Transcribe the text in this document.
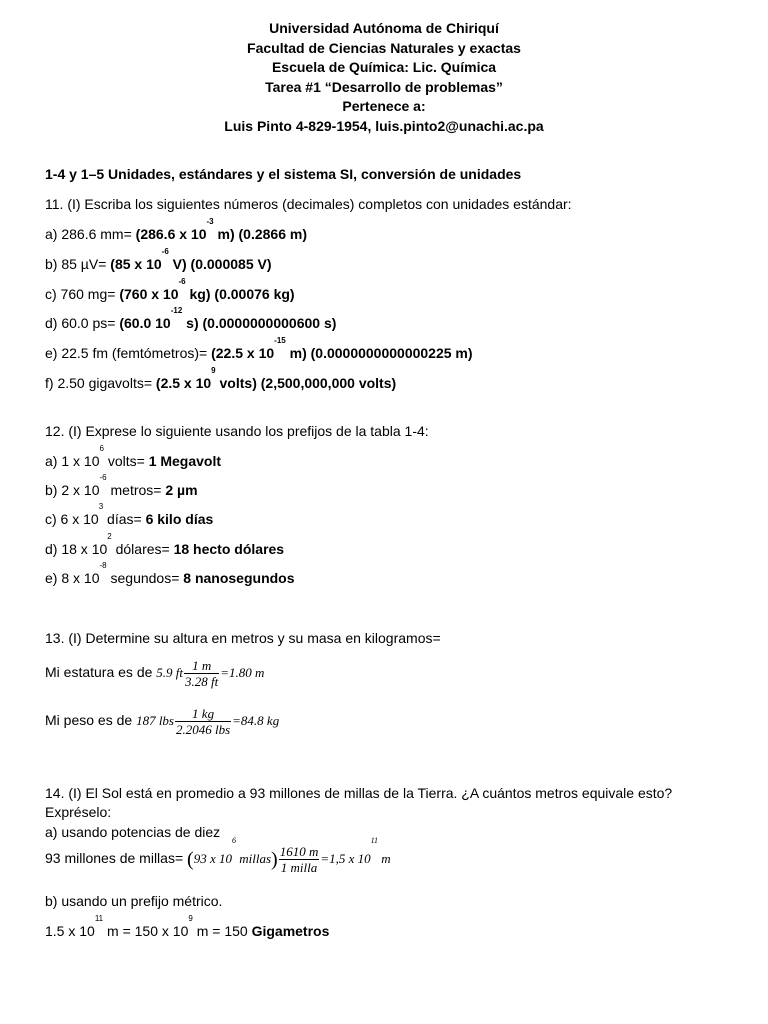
Universidad Autónoma de Chiriquí
Facultad de Ciencias Naturales y exactas
Escuela de Química: Lic. Química
Tarea #1 “Desarrollo de problemas”
Pertenece a:
Luis Pinto 4-829-1954, luis.pinto2@unachi.ac.pa
1-4 y 1–5 Unidades, estándares y el sistema SI, conversión de unidades
11. (I) Escriba los siguientes números (decimales) completos con unidades estándar:
a) 286.6 mm= (286.6 x $10^{-3}$ m) (0.2866 m)
b) 85 µV= (85 x $10^{-6}$ V) (0.000085 V)
c) 760 mg= (760 x $10^{-6}$ kg) (0.00076 kg)
d) 60.0 ps= (60.0 $10^{-12}$ s) (0.0000000000600 s)
e) 22.5 fm (femtómetros)= (22.5 x $10^{-15}$ m) (0.0000000000000225 m)
f) 2.50 gigavolts= (2.5 x $10^9$ volts) (2,500,000,000 volts)
12. (I) Exprese lo siguiente usando los prefijos de la tabla 1-4:
a) 1 x $10^6$ volts= 1 Megavolt
b) 2 x $10^{-6}$ metros= 2 µm
c) 6 x $10^3$ días= 6 kilo días
d) 18 x $10^2$ dólares= 18 hecto dólares
e) 8 x $10^{-8}$ segundos= 8 nanosegundos
13. (I) Determine su altura en metros y su masa en kilogramos=
Mi estatura es de 5.9 ft $\frac{1 m}{3.28 ft} =1.80$ m
Mi peso es de 187 lbs $\frac{1 kg}{\text{2.2046 lbs}} =84.8$ kg
14. (I) El Sol está en promedio a 93 millones de millas de la Tierra. ¿A cuántos metros equivale esto?
Expréselo:
a) usando potencias de diez
93 millones de millas= (93 x $10^6$ millas) $\frac{1610 m}{\text{1 milla}} =1,5$ x $10^{11}$ m
b) usando un prefijo métrico.
1.5 x $10^{11}$ m = 150 x $10^9$ m = 150 Gigametros
